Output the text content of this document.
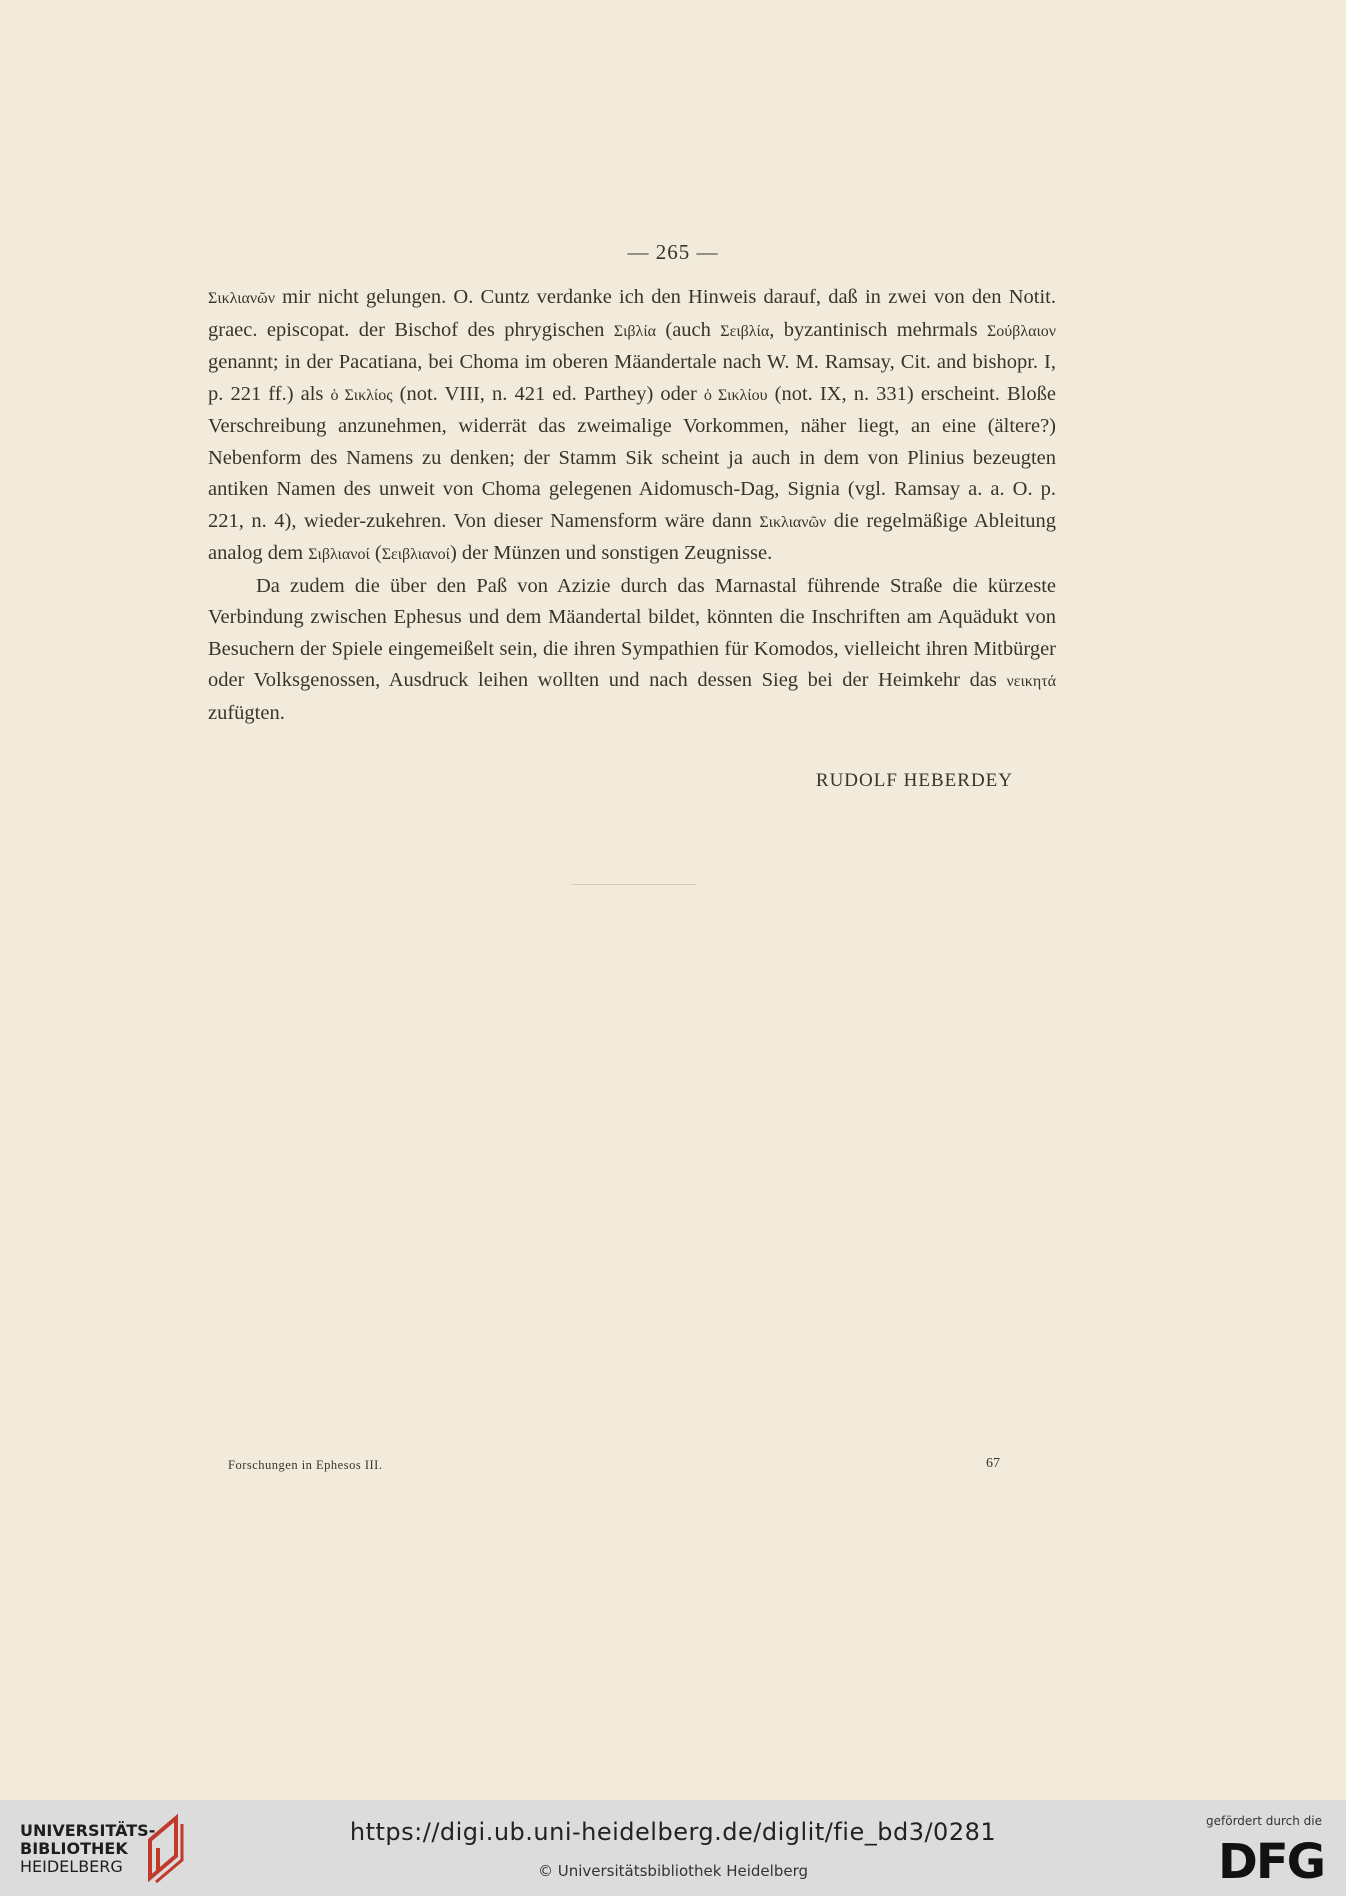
— 265 —

Σικλιανῶν mir nicht gelungen. O. Cuntz verdanke ich den Hinweis darauf, daß in zwei von den Notit. graec. episcopat. der Bischof des phrygischen Σιβλία (auch Σειβλία, byzantinisch mehrmals Σούβλαιον genannt; in der Pacatiana, bei Choma im oberen Mäandertale nach W. M. Ramsay, Cit. and bishopr. I, p. 221 ff.) als ὁ Σικλίος (not. VIII, n. 421 ed. Parthey) oder ὁ Σικλίου (not. IX, n. 331) erscheint. Bloße Verschreibung anzunehmen, widerrät das zweimalige Vorkommen, näher liegt, an eine (ältere?) Nebenform des Namens zu denken; der Stamm Sik scheint ja auch in dem von Plinius bezeugten antiken Namen des unweit von Choma gelegenen Aidomusch-Dag, Signia (vgl. Ramsay a. a. O. p. 221, n. 4), wieder-zukehren. Von dieser Namensform wäre dann Σικλιανῶν die regelmäßige Ableitung analog dem Σιβλιανοί (Σειβλιανοί) der Münzen und sonstigen Zeugnisse.

Da zudem die über den Paß von Azizie durch das Marnastal führende Straße die kürzeste Verbindung zwischen Ephesus und dem Mäandertal bildet, könnten die Inschriften am Aquädukt von Besuchern der Spiele eingemeißelt sein, die ihren Sympathien für Komodos, vielleicht ihren Mitbürger oder Volksgenossen, Ausdruck leihen wollten und nach dessen Sieg bei der Heimkehr das νεικητά zufügten.

RUDOLF HEBERDEY
Forschungen in Ephesos III.	67
UNIVERSITÄTS-
BIBLIOTHEK
HEIDELBERG
https://digi.ub.uni-heidelberg.de/diglit/fie_bd3/0281
© Universitätsbibliothek Heidelberg
gefördert durch die
DFG
